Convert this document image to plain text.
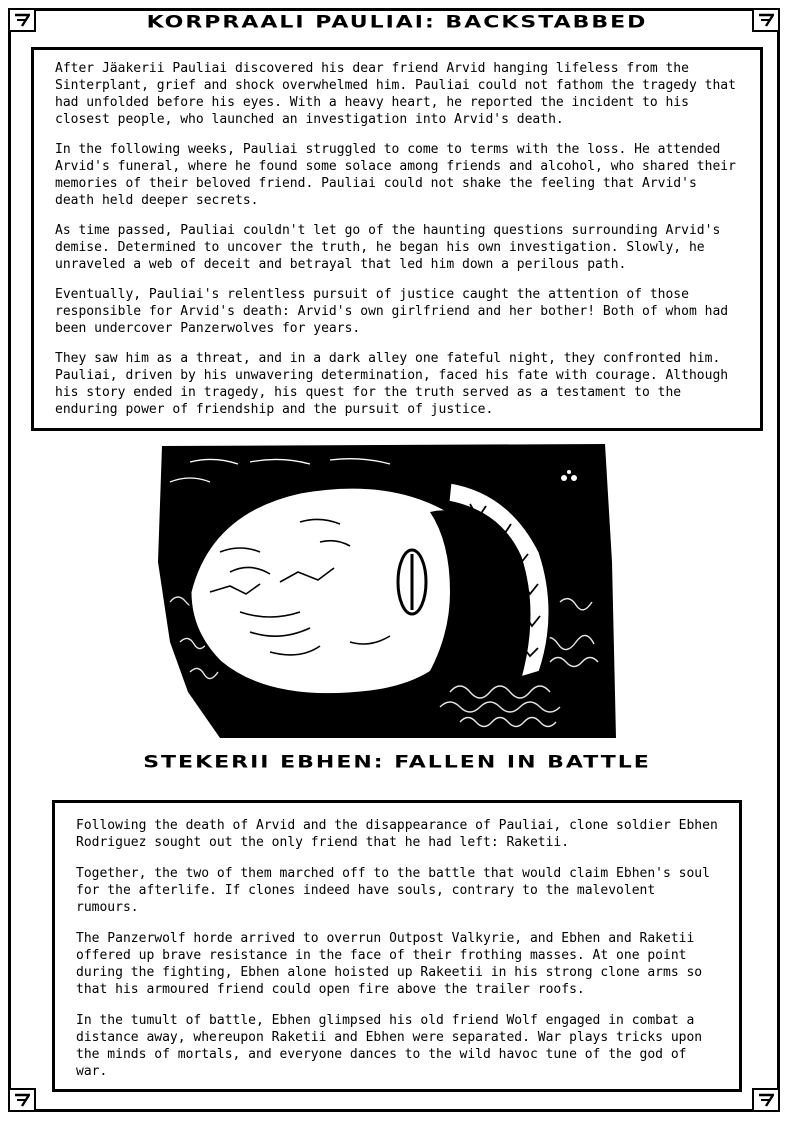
KORPRAALI PAULIAI: BACKSTABBED

After Jäakerii Pauliai discovered his dear friend Arvid hanging lifeless from the
Sinterplant, grief and shock overwhelmed him. Pauliai could not fathom the tragedy that
had unfolded before his eyes. With a heavy heart, he reported the incident to his
closest people, who launched an investigation into Arvid's death.

In the following weeks, Pauliai struggled to come to terms with the loss. He attended
Arvid's funeral, where he found some solace among friends and alcohol, who shared their
memories of their beloved friend. Pauliai could not shake the feeling that Arvid's
death held deeper secrets.

As time passed, Pauliai couldn't let go of the haunting questions surrounding Arvid's
demise. Determined to uncover the truth, he began his own investigation. Slowly, he
unraveled a web of deceit and betrayal that led him down a perilous path.

Eventually, Pauliai's relentless pursuit of justice caught the attention of those
responsible for Arvid's death: Arvid's own girlfriend and her bother! Both of whom had
been undercover Panzerwolves for years.

They saw him as a threat, and in a dark alley one fateful night, they confronted him.
Pauliai, driven by his unwavering determination, faced his fate with courage. Although
his story ended in tragedy, his quest for the truth served as a testament to the
enduring power of friendship and the pursuit of justice.

STEKERII EBHEN: FALLEN IN BATTLE

Following the death of Arvid and the disappearance of Pauliai, clone soldier Ebhen
Rodriguez sought out the only friend that he had left: Raketii.

Together, the two of them marched off to the battle that would claim Ebhen's soul
for the afterlife. If clones indeed have souls, contrary to the malevolent
rumours.

The Panzerwolf horde arrived to overrun Outpost Valkyrie, and Ebhen and Raketii
offered up brave resistance in the face of their frothing masses. At one point
during the fighting, Ebhen alone hoisted up Rakeetii in his strong clone arms so
that his armoured friend could open fire above the trailer roofs.

In the tumult of battle, Ebhen glimpsed his old friend Wolf engaged in combat a
distance away, whereupon Raketii and Ebhen were separated. War plays tricks upon
the minds of mortals, and everyone dances to the wild havoc tune of the god of
war.
